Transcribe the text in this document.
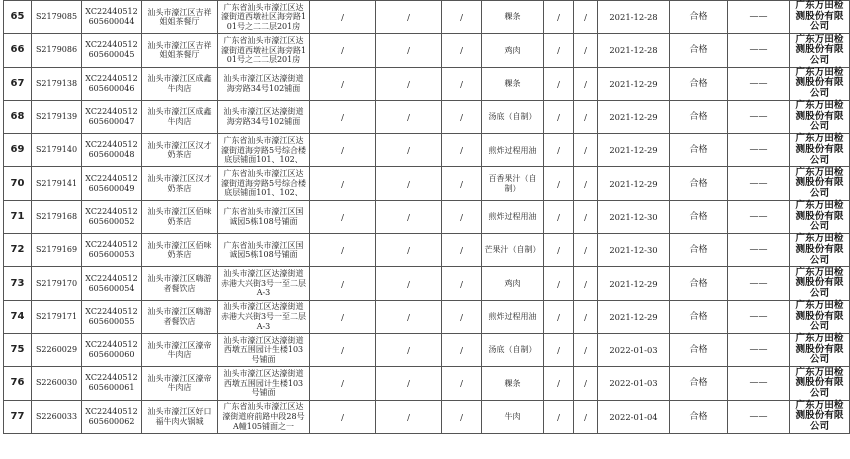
65	S2179085	XC22440512605600044	汕头市濠江区吉祥姐姐茶餐厅	广东省汕头市濠江区达濠街道西墩社区海旁路101号之二二层201房	/	/	/	粿条	/	/	2021-12-28	合格	——	广东万田检测股份有限公司
66	S2179086	XC22440512605600045	汕头市濠江区吉祥姐姐茶餐厅	广东省汕头市濠江区达濠街道西墩社区海旁路101号之二二层201房	/	/	/	鸡肉	/	/	2021-12-28	合格	——	广东万田检测股份有限公司
67	S2179138	XC22440512605600046	汕头市濠江区成鑫牛肉店	汕头市濠江区达濠街道海旁路34号102铺面	/	/	/	粿条	/	/	2021-12-29	合格	——	广东万田检测股份有限公司
68	S2179139	XC22440512605600047	汕头市濠江区成鑫牛肉店	汕头市濠江区达濠街道海旁路34号102铺面	/	/	/	汤底（自制）	/	/	2021-12-29	合格	——	广东万田检测股份有限公司
69	S2179140	XC22440512605600048	汕头市濠江区汉才奶茶店	广东省汕头市濠江区达濠街道海旁路5号综合楼底层铺面101、102、	/	/	/	煎炸过程用油	/	/	2021-12-29	合格	——	广东万田检测股份有限公司
70	S2179141	XC22440512605600049	汕头市濠江区汉才奶茶店	广东省汕头市濠江区达濠街道海旁路5号综合楼底层铺面101、102、	/	/	/	百香果汁（自制）	/	/	2021-12-29	合格	——	广东万田检测股份有限公司
71	S2179168	XC22440512605600052	汕头市濠江区佰味奶茶店	广东省汕头市濠江区国诚园5栋108号铺面	/	/	/	煎炸过程用油	/	/	2021-12-30	合格	——	广东万田检测股份有限公司
72	S2179169	XC22440512605600053	汕头市濠江区佰味奶茶店	广东省汕头市濠江区国诚园5栋108号铺面	/	/	/	芒果汁（自制）	/	/	2021-12-30	合格	——	广东万田检测股份有限公司
73	S2179170	XC22440512605600054	汕头市濠江区嗨游者餐饮店	汕头市濠江区达濠街道赤港大兴街3号一至二层A-3	/	/	/	鸡肉	/	/	2021-12-29	合格	——	广东万田检测股份有限公司
74	S2179171	XC22440512605600055	汕头市濠江区嗨游者餐饮店	汕头市濠江区达濠街道赤港大兴街3号一至二层A-3	/	/	/	煎炸过程用油	/	/	2021-12-29	合格	——	广东万田检测股份有限公司
75	S2260029	XC22440512605600060	汕头市濠江区濠帝牛肉店	汕头市濠江区达濠街道西墩五围园计生楼103号铺面	/	/	/	汤底（自制）	/	/	2022-01-03	合格	——	广东万田检测股份有限公司
76	S2260030	XC22440512605600061	汕头市濠江区濠帝牛肉店	汕头市濠江区达濠街道西墩五围园计生楼103号铺面	/	/	/	粿条	/	/	2022-01-03	合格	——	广东万田检测股份有限公司
77	S2260033	XC22440512605600062	汕头市濠江区好口福牛肉火锅城	广东省汕头市濠江区达濠街道府前路中段28号A幢105铺面之一	/	/	/	牛肉	/	/	2022-01-04	合格	——	广东万田检测股份有限公司
